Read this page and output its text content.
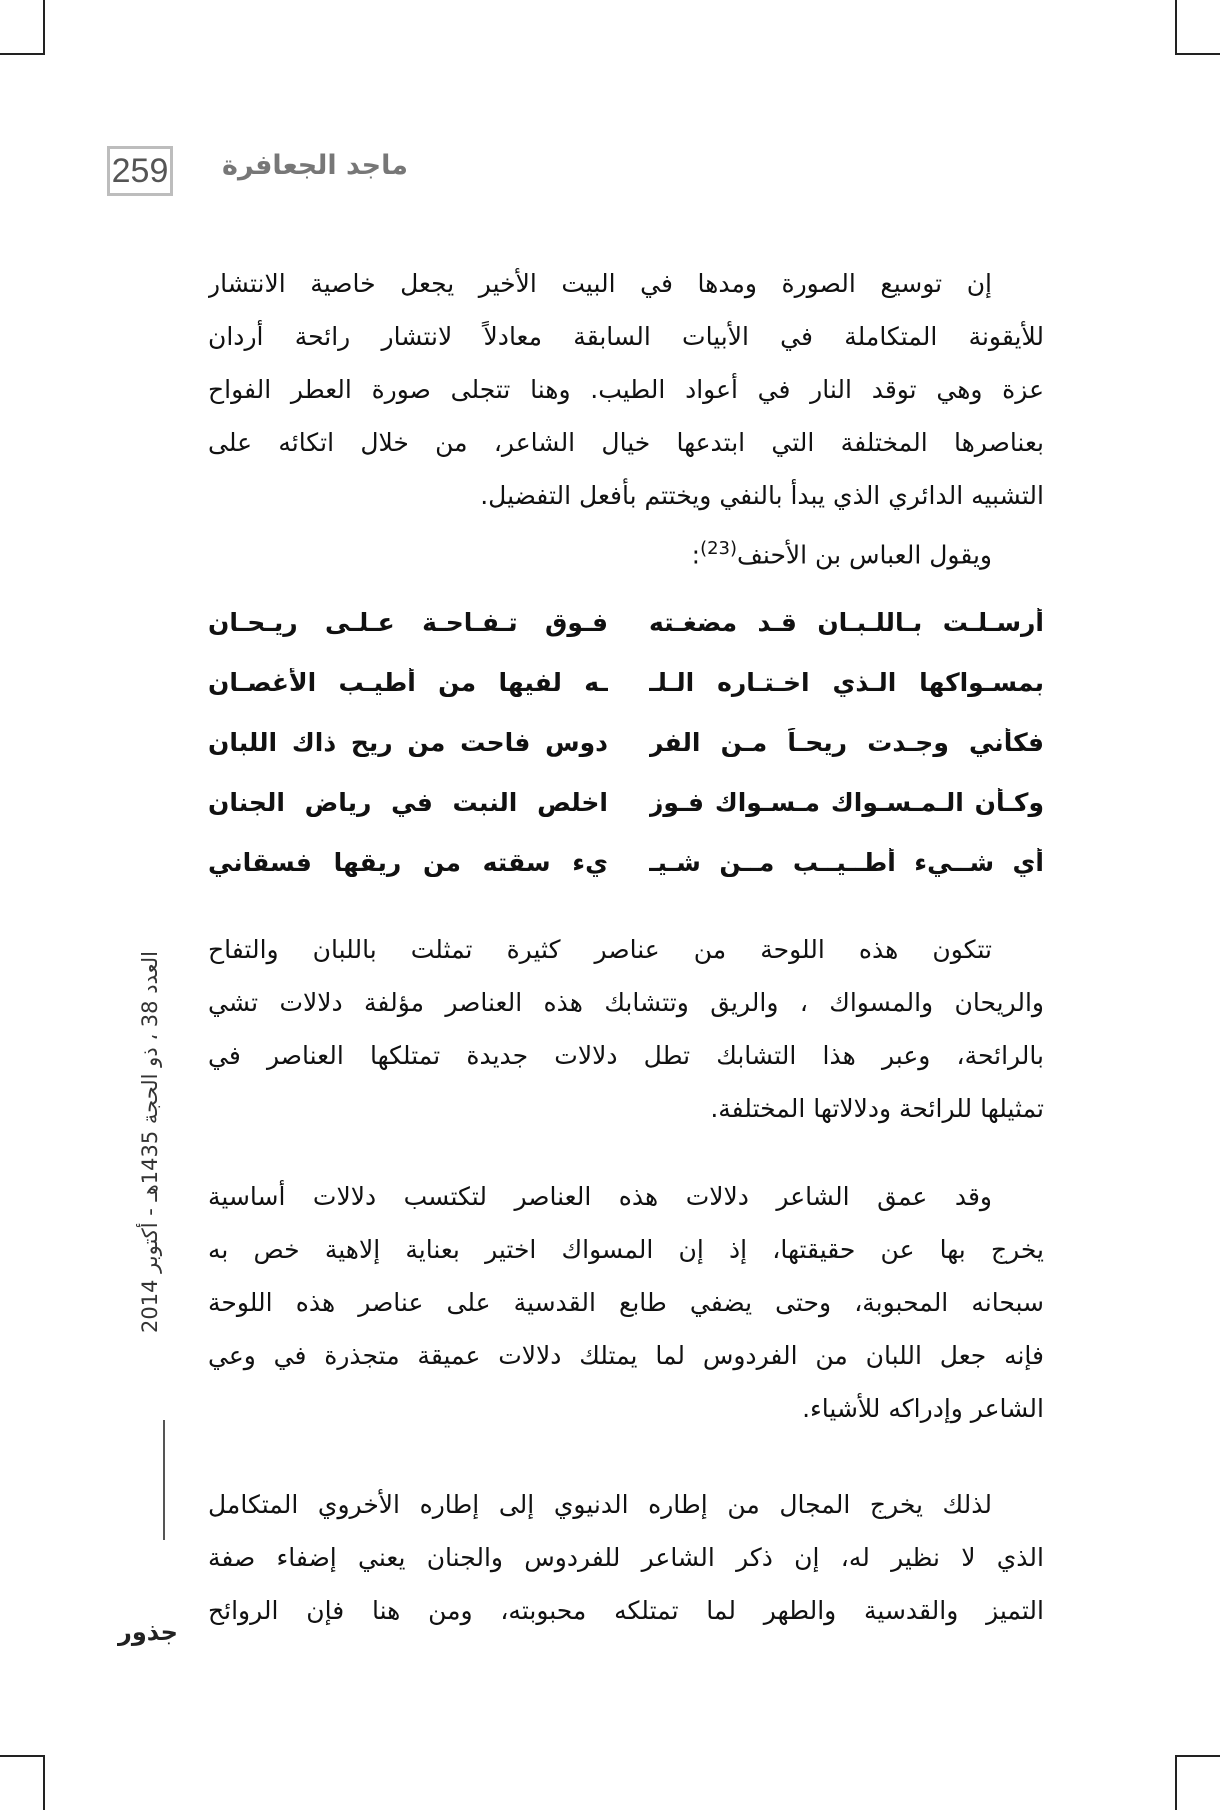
259 ماجد الجعافرة
إن توسيع الصورة ومدها في البيت الأخير يجعل خاصية الانتشار
للأيقونة المتكاملة في الأبيات السابقة معادلاً لانتشار رائحة أردان
عزة وهي توقد النار في أعواد الطيب. وهنا تتجلى صورة العطر الفواح
بعناصرها المختلفة التي ابتدعها خيال الشاعر، من خلال اتكائه على
التشبيه الدائري الذي يبدأ بالنفي ويختتم بأفعل التفضيل.
ويقول العباس بن الأحنف$^{(23)}$:
أرسـلـت بـاللـبـان قـد مضغـته
فـوق تـفـاحـة عـلـى ريـحـان
بمسـواكها الـذي اخـتـاره الـلـ
ـه لفيها من أطيـب الأغصـان
فكأني وجـدت ريحـاً مـن الفر
دوس فاحت من ريح ذاك اللبان
وكـأن الـمـسـواك مـسـواك فـوز
اخلص النبت في رياض الجنان
أي شــيء أطــيــب مــن شـيـ
يء سقته من ريقها فسقاني
تتكون هذه اللوحة من عناصر كثيرة تمثلت باللبان والتفاح
والريحان والمسواك ، والريق وتتشابك هذه العناصر مؤلفة دلالات تشي
بالرائحة، وعبر هذا التشابك تطل دلالات جديدة تمتلكها العناصر في
تمثيلها للرائحة ودلالاتها المختلفة.
وقد عمق الشاعر دلالات هذه العناصر لتكتسب دلالات أساسية
يخرج بها عن حقيقتها، إذ إن المسواك اختير بعناية إلاهية خص به
سبحانه المحبوبة، وحتى يضفي طابع القدسية على عناصر هذه اللوحة
فإنه جعل اللبان من الفردوس لما يمتلك دلالات عميقة متجذرة في وعي
الشاعر وإدراكه للأشياء.
لذلك يخرج المجال من إطاره الدنيوي إلى إطاره الأخروي المتكامل
الذي لا نظير له، إن ذكر الشاعر للفردوس والجنان يعني إضفاء صفة
التميز والقدسية والطهر لما تمتلكه محبوبته، ومن هنا فإن الروائح
العدد 38 ، ذو الحجة 1435هـ - أكتوبر 2014
جذور
